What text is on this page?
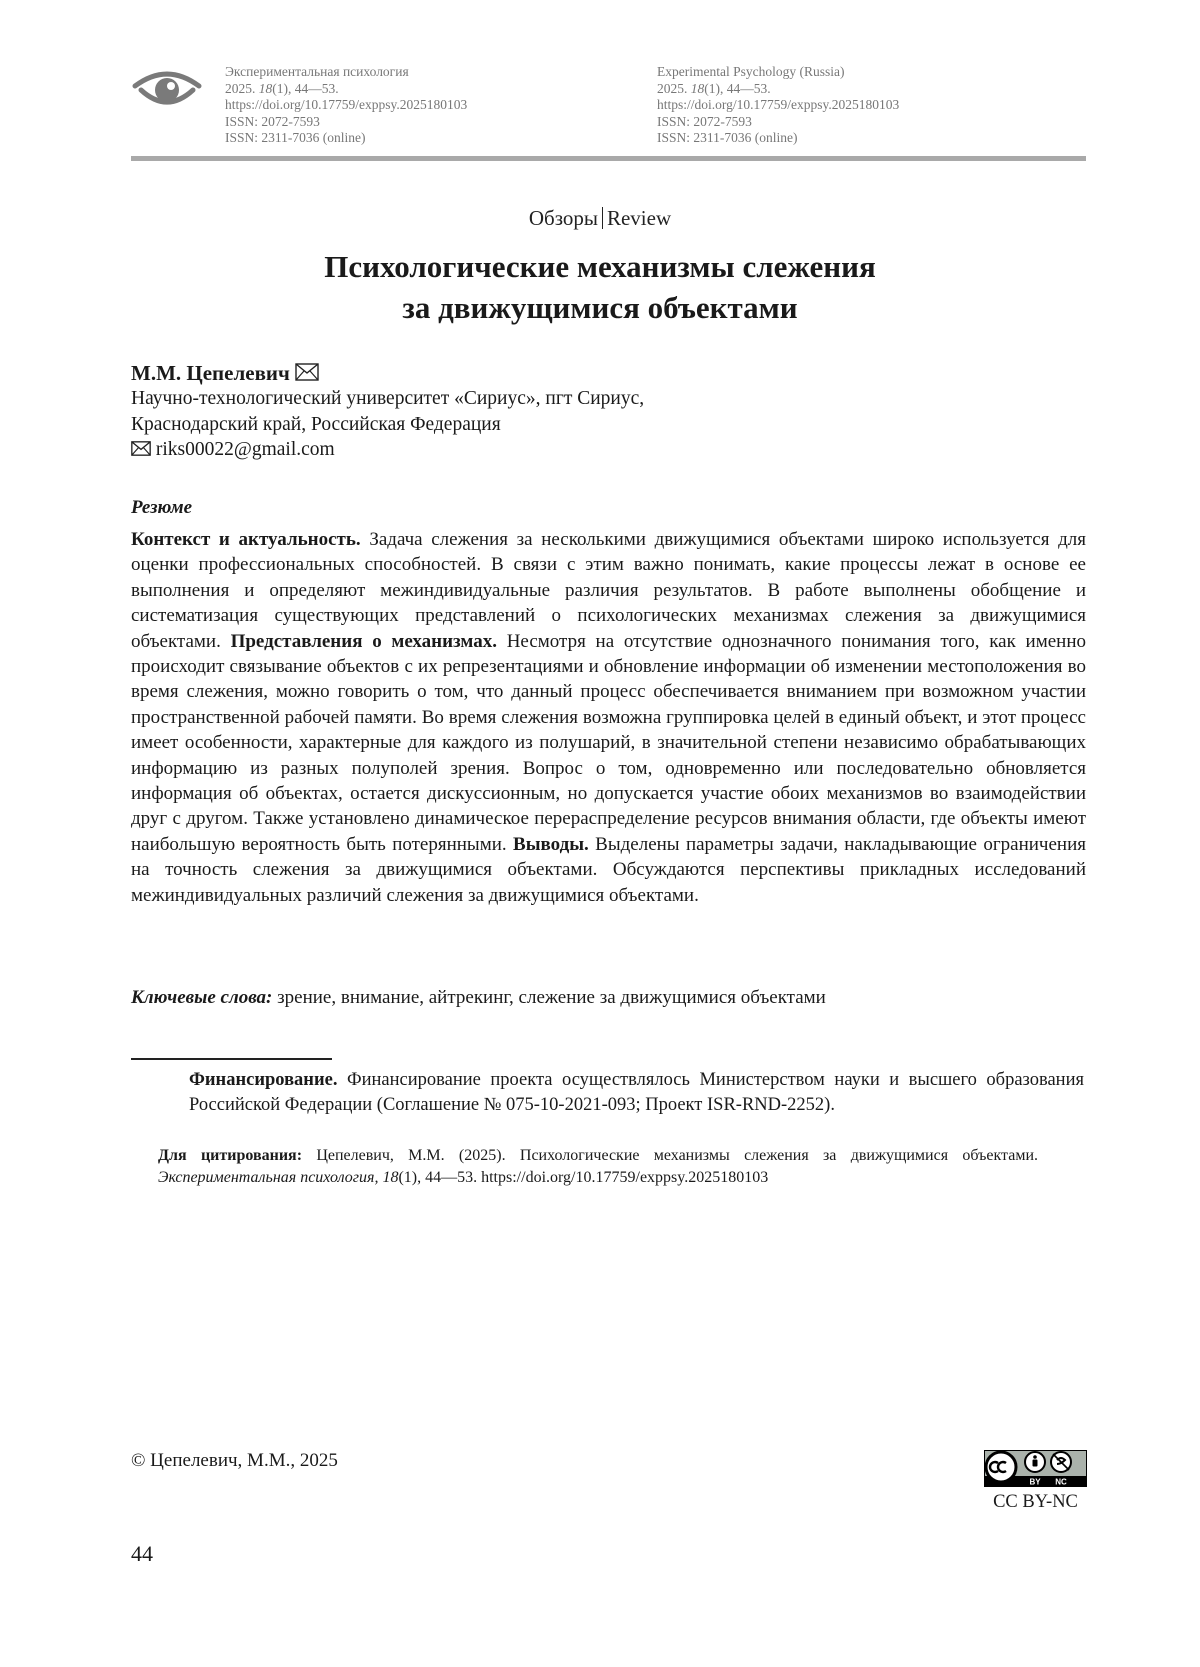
Экспериментальная психология
2025. 18(1), 44—53.
https://doi.org/10.17759/exppsy.2025180103
ISSN: 2072-7593
ISSN: 2311-7036 (online)
Experimental Psychology (Russia)
2025. 18(1), 44—53.
https://doi.org/10.17759/exppsy.2025180103
ISSN: 2072-7593
ISSN: 2311-7036 (online)
Обзоры Review
Психологические механизмы слежения
за движущимися объектами
М.М. Цепелевич
Научно-технологический университет «Сириус», пгт Сириус,
Краснодарский край, Российская Федерация
riks00022@gmail.com
Резюме
Контекст и актуальность. Задача слежения за несколькими движущимися объектами широко используется для оценки профессиональных способностей. В связи с этим важно понимать, какие процессы лежат в основе ее выполнения и определяют межиндивидуальные различия результатов. В работе выполнены обобщение и систематизация существующих представлений о психологических механизмах слежения за движущимися объектами. Представления о механизмах. Несмотря на отсутствие однозначного понимания того, как именно происходит связывание объектов с их репрезентациями и обновление информации об изменении местоположения во время слежения, можно говорить о том, что данный процесс обеспечивается вниманием при возможном участии пространственной рабочей памяти. Во время слежения возможна группировка целей в единый объект, и этот процесс имеет особенности, характерные для каждого из полушарий, в значительной степени независимо обрабатывающих информацию из разных полуполей зрения. Вопрос о том, одновременно или последовательно обновляется информация об объектах, остается дискуссионным, но допускается участие обоих механизмов во взаимодействии друг с другом. Также установлено динамическое перераспределение ресурсов внимания области, где объекты имеют наибольшую вероятность быть потерянными. Выводы. Выделены параметры задачи, накладывающие ограничения на точность слежения за движущимися объектами. Обсуждаются перспективы прикладных исследований межиндивидуальных различий слежения за движущимися объектами.
Ключевые слова: зрение, внимание, айтрекинг, слежение за движущимися объектами
Финансирование. Финансирование проекта осуществлялось Министерством науки и высшего образования Российской Федерации (Соглашение № 075-10-2021-093; Проект ISR-RND-2252).
Для цитирования: Цепелевич, М.М. (2025). Психологические механизмы слежения за движущимися объектами. Экспериментальная психология, 18(1), 44—53. https://doi.org/10.17759/exppsy.2025180103
© Цепелевич, М.М., 2025
BY NC
CC BY-NC
44
